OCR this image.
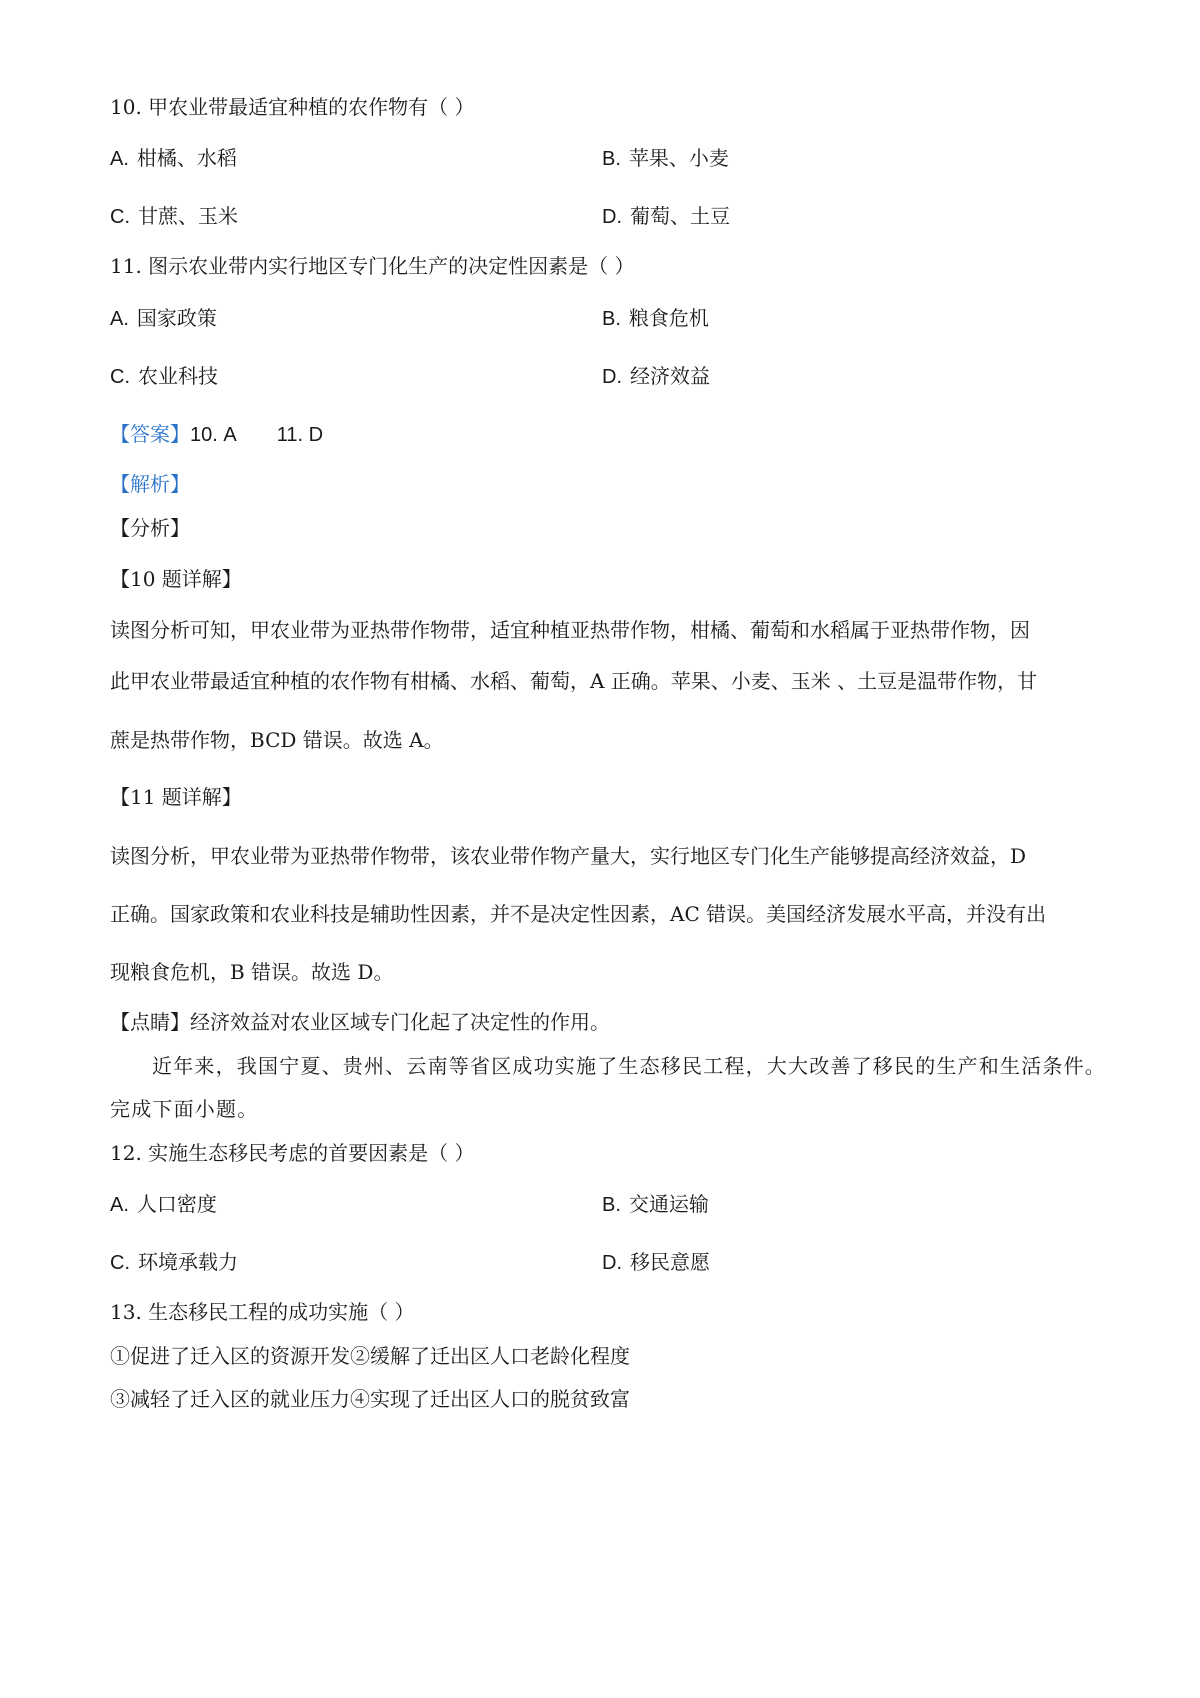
10. 甲农业带最适宜种植的农作物有（ ）
A. 柑橘、水稻	B. 苹果、小麦
C. 甘蔗、玉米	D. 葡萄、土豆
11. 图示农业带内实行地区专门化生产的决定性因素是（ ）
A. 国家政策	B. 粮食危机
C. 农业科技	D. 经济效益
【答案】10. A 11. D
【解析】
【分析】
【10 题详解】
读图分析可知，甲农业带为亚热带作物带，适宜种植亚热带作物，柑橘、葡萄和水稻属于亚热带作物，因
此甲农业带最适宜种植的农作物有柑橘、水稻、葡萄，A 正确。苹果、小麦、玉米 、土豆是温带作物，甘
蔗是热带作物，BCD 错误。故选 A。
【11 题详解】
读图分析，甲农业带为亚热带作物带，该农业带作物产量大，实行地区专门化生产能够提高经济效益，D
正确。国家政策和农业科技是辅助性因素，并不是决定性因素，AC 错误。美国经济发展水平高，并没有出
现粮食危机，B 错误。故选 D。
【点睛】经济效益对农业区域专门化起了决定性的作用。
近年来，我国宁夏、贵州、云南等省区成功实施了生态移民工程，大大改善了移民的生产和生活条件。
完成下面小题。
12. 实施生态移民考虑的首要因素是（ ）
A. 人口密度	B. 交通运输
C. 环境承载力	D. 移民意愿
13. 生态移民工程的成功实施（ ）
①促进了迁入区的资源开发②缓解了迁出区人口老龄化程度
③减轻了迁入区的就业压力④实现了迁出区人口的脱贫致富
